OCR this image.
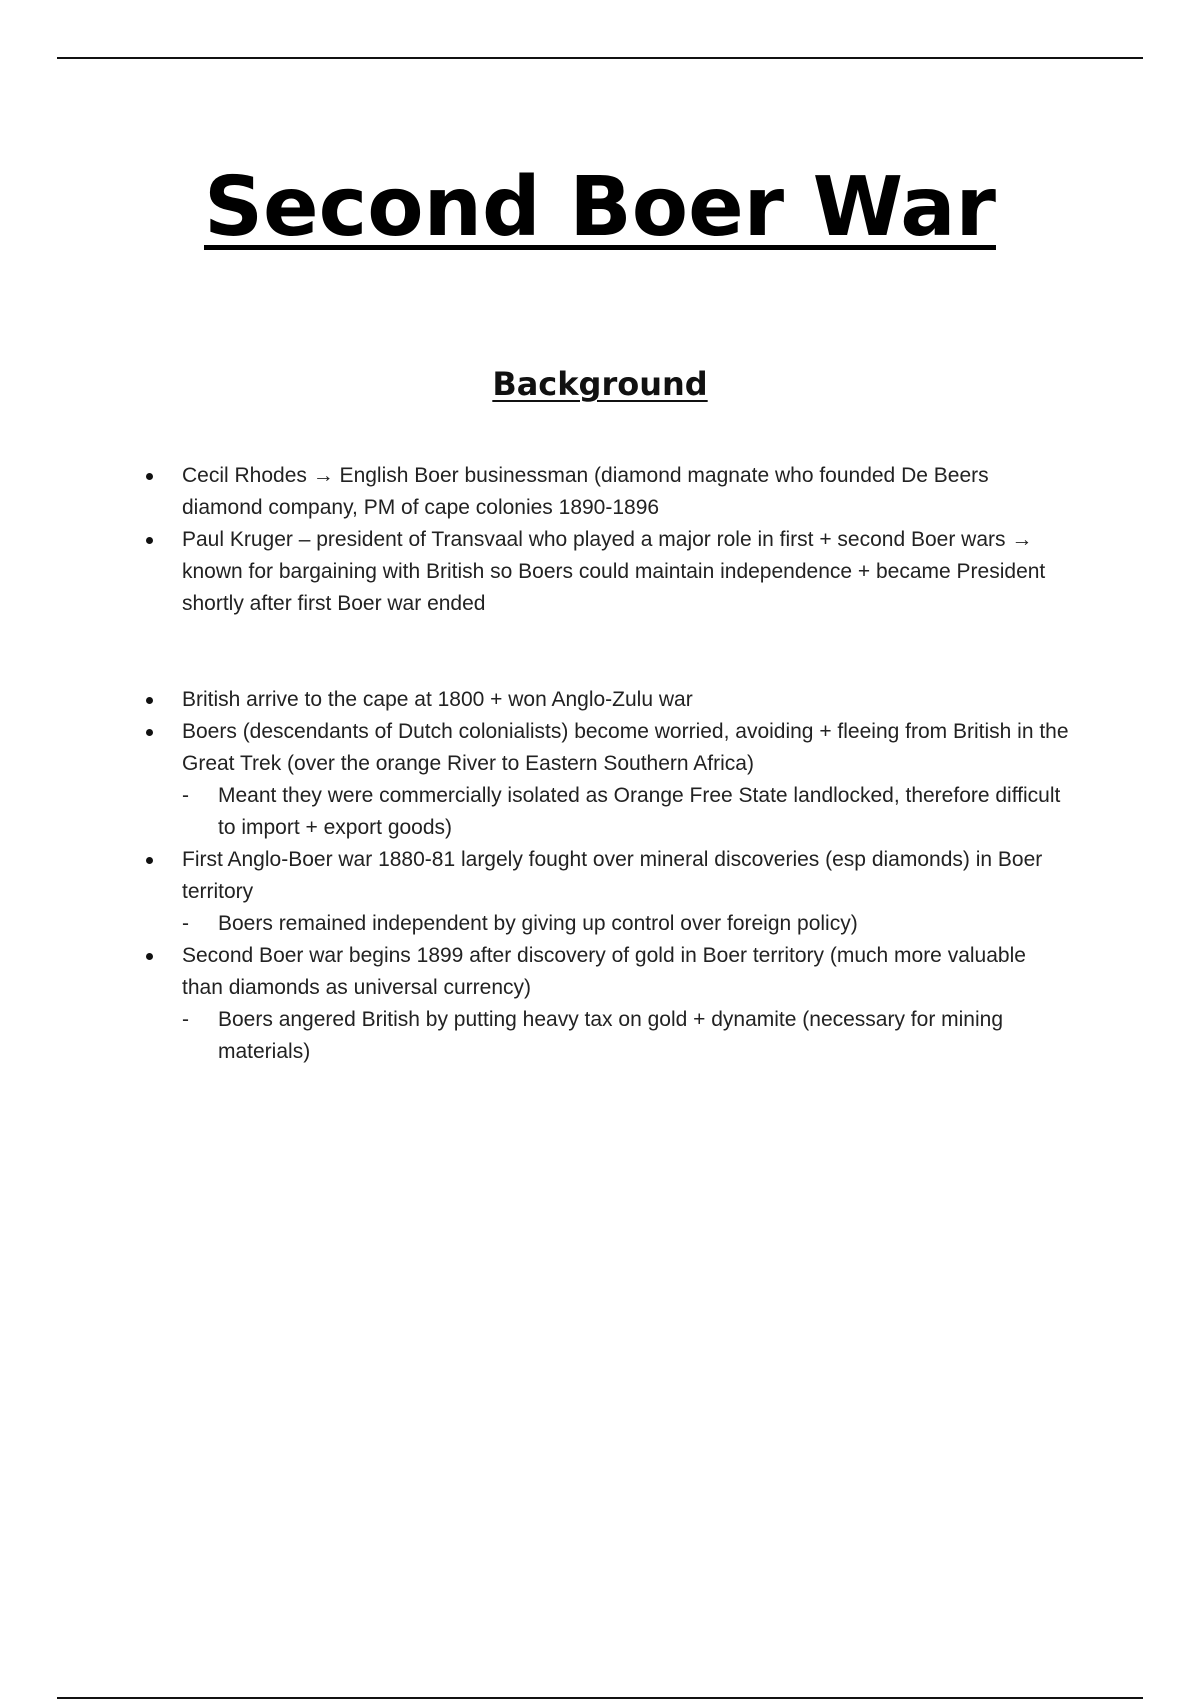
Second Boer War
Background
Cecil Rhodes → English Boer businessman (diamond magnate who founded De Beers diamond company, PM of cape colonies 1890-1896
Paul Kruger – president of Transvaal who played a major role in first + second Boer wars → known for bargaining with British so Boers could maintain independence + became President shortly after first Boer war ended
British arrive to the cape at 1800 + won Anglo-Zulu war
Boers (descendants of Dutch colonialists) become worried, avoiding + fleeing from British in the Great Trek (over the orange River to Eastern Southern Africa)
- Meant they were commercially isolated as Orange Free State landlocked, therefore difficult to import + export goods)
First Anglo-Boer war 1880-81 largely fought over mineral discoveries (esp diamonds) in Boer territory
- Boers remained independent by giving up control over foreign policy)
Second Boer war begins 1899 after discovery of gold in Boer territory (much more valuable than diamonds as universal currency)
- Boers angered British by putting heavy tax on gold + dynamite (necessary for mining materials)
